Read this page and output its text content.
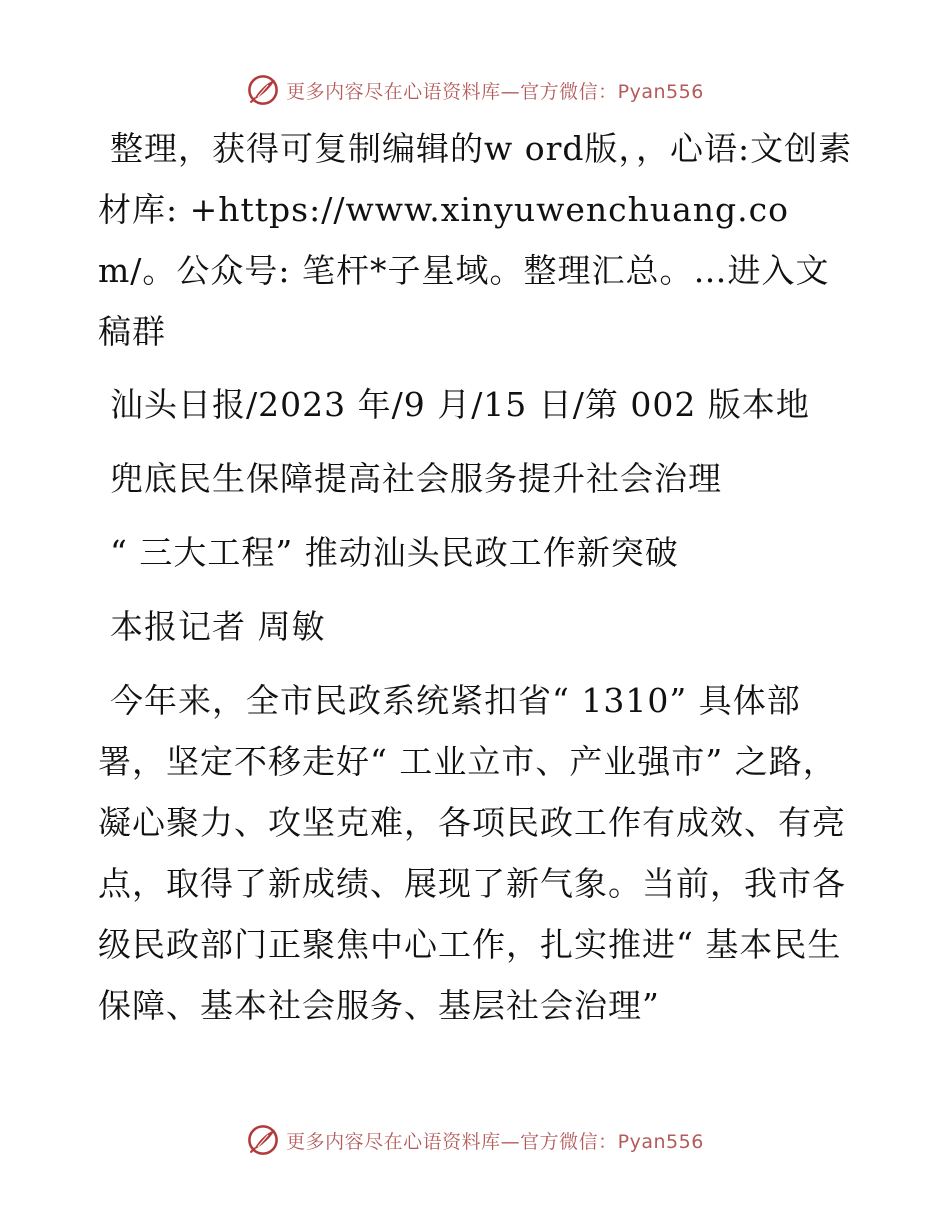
更多内容尽在心语资料库—官方微信：Pyan556

整理，获得可复制编辑的w ord版，，心语:文创素材库: +https://www.xinyuwenchuang.com/。公众号: 笔杆*子星域。整理汇总。…进入文稿群

汕头日报/2023 年/9 月/15 日/第 002 版本地

兜底民生保障提高社会服务提升社会治理

“ 三大工程” 推动汕头民政工作新突破

本报记者 周敏

今年来，全市民政系统紧扣省“ 1310” 具体部署，坚定不移走好“ 工业立市、产业强市” 之路，凝心聚力、攻坚克难，各项民政工作有成效、有亮点，取得了新成绩、展现了新气象。当前，我市各级民政部门正聚焦中心工作，扎实推进“ 基本民生保障、基本社会服务、基层社会治理”

更多内容尽在心语资料库—官方微信：Pyan556
